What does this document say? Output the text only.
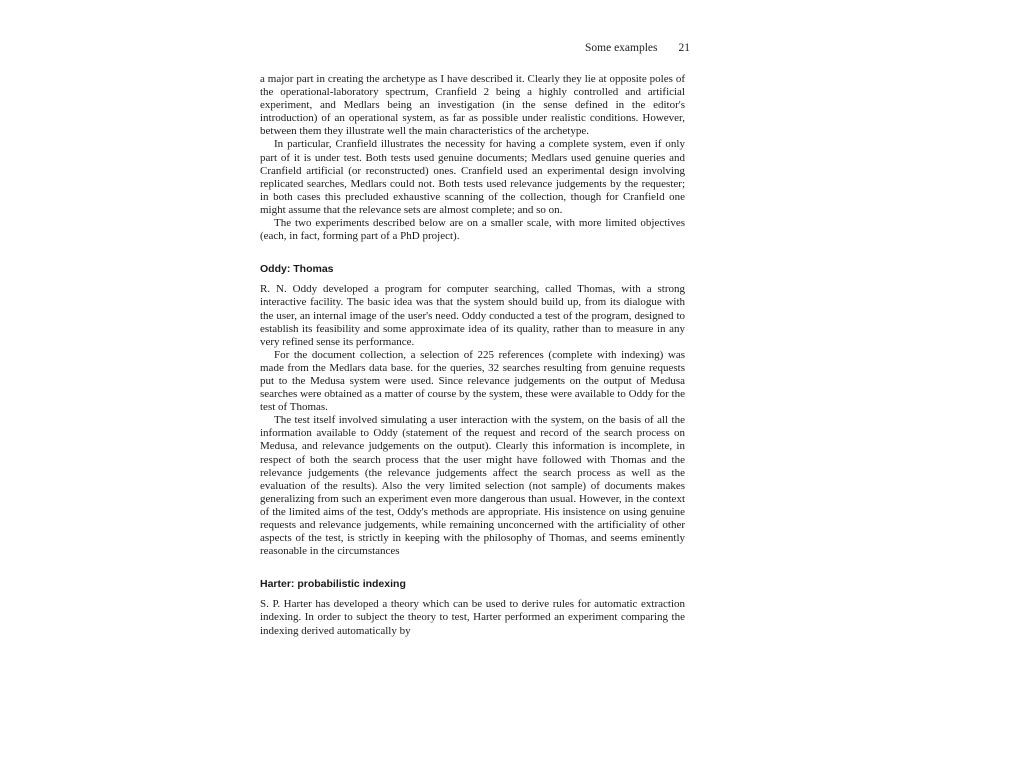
Some examples 21

a major part in creating the archetype as I have described it. Clearly they lie at opposite poles of the operational-laboratory spectrum, Cranfield 2 being a highly controlled and artificial experiment, and Medlars being an investigation (in the sense defined in the editor's introduction) of an operational system, as far as possible under realistic conditions. However, between them they illustrate well the main characteristics of the archetype.

In particular, Cranfield illustrates the necessity for having a complete system, even if only part of it is under test. Both tests used genuine documents; Medlars used genuine queries and Cranfield artificial (or reconstructed) ones. Cranfield used an experimental design involving replicated searches, Medlars could not. Both tests used relevance judgements by the requester; in both cases this precluded exhaustive scanning of the collection, though for Cranfield one might assume that the relevance sets are almost complete; and so on.

The two experiments described below are on a smaller scale, with more limited objectives (each, in fact, forming part of a PhD project).

Oddy: Thomas

R. N. Oddy developed a program for computer searching, called Thomas, with a strong interactive facility. The basic idea was that the system should build up, from its dialogue with the user, an internal image of the user's need. Oddy conducted a test of the program, designed to establish its feasibility and some approximate idea of its quality, rather than to measure in any very refined sense its performance.

For the document collection, a selection of 225 references (complete with indexing) was made from the Medlars data base. for the queries, 32 searches resulting from genuine requests put to the Medusa system were used. Since relevance judgements on the output of Medusa searches were obtained as a matter of course by the system, these were available to Oddy for the test of Thomas.

The test itself involved simulating a user interaction with the system, on the basis of all the information available to Oddy (statement of the request and record of the search process on Medusa, and relevance judgements on the output). Clearly this information is incomplete, in respect of both the search process that the user might have followed with Thomas and the relevance judgements (the relevance judgements affect the search process as well as the evaluation of the results). Also the very limited selection (not sample) of documents makes generalizing from such an experiment even more dangerous than usual. However, in the context of the limited aims of the test, Oddy's methods are appropriate. His insistence on using genuine requests and relevance judgements, while remaining unconcerned with the artificiality of other aspects of the test, is strictly in keeping with the philosophy of Thomas, and seems eminently reasonable in the circumstances

Harter: probabilistic indexing

S. P. Harter has developed a theory which can be used to derive rules for automatic extraction indexing. In order to subject the theory to test, Harter performed an experiment comparing the indexing derived automatically by
